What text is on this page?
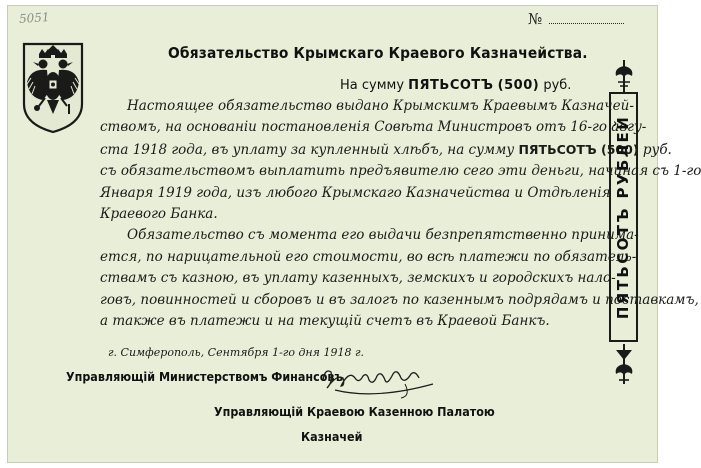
5051	№
Обязательство Крымскаго Краевого Казначейства.
На сумму ПЯТЬСОТЪ (500) руб.
Настоящее обязательство выдано Крымскимъ Краевымъ Казначей-
ствомъ, на основаніи постановленія Совѣта Министровъ отъ 16-го авгу-
ста 1918 года, въ уплату за купленный хлѣбъ, на сумму ПЯТЬСОТЪ (500) руб.
съ обязательствомъ выплатить предъявителю сего эти деньги, начиная съ 1-го
Января 1919 года, изъ любого Крымскаго Казначейства и Отдѣленія
Краевого Банка.
Обязательство съ момента его выдачи безпрепятственно принима-
ется, по нарицательной его стоимости, во всѣ платежи по обязатель-
ствамъ съ казною, въ уплату казенныхъ, земскихъ и городскихъ нало-
говъ, повинностей и сборовъ и въ залогъ по казеннымъ подрядамъ и поставкамъ,
а также въ платежи и на текущій счетъ въ Краевой Банкъ.
г. Симферополь, Сентября 1-го дня 1918 г.
Управляющій Министерствомъ Финансовъ
Управляющій Краевою Казенною Палатою
Казначей
ПЯТЬСОТЪ РУБЛЕЙ
